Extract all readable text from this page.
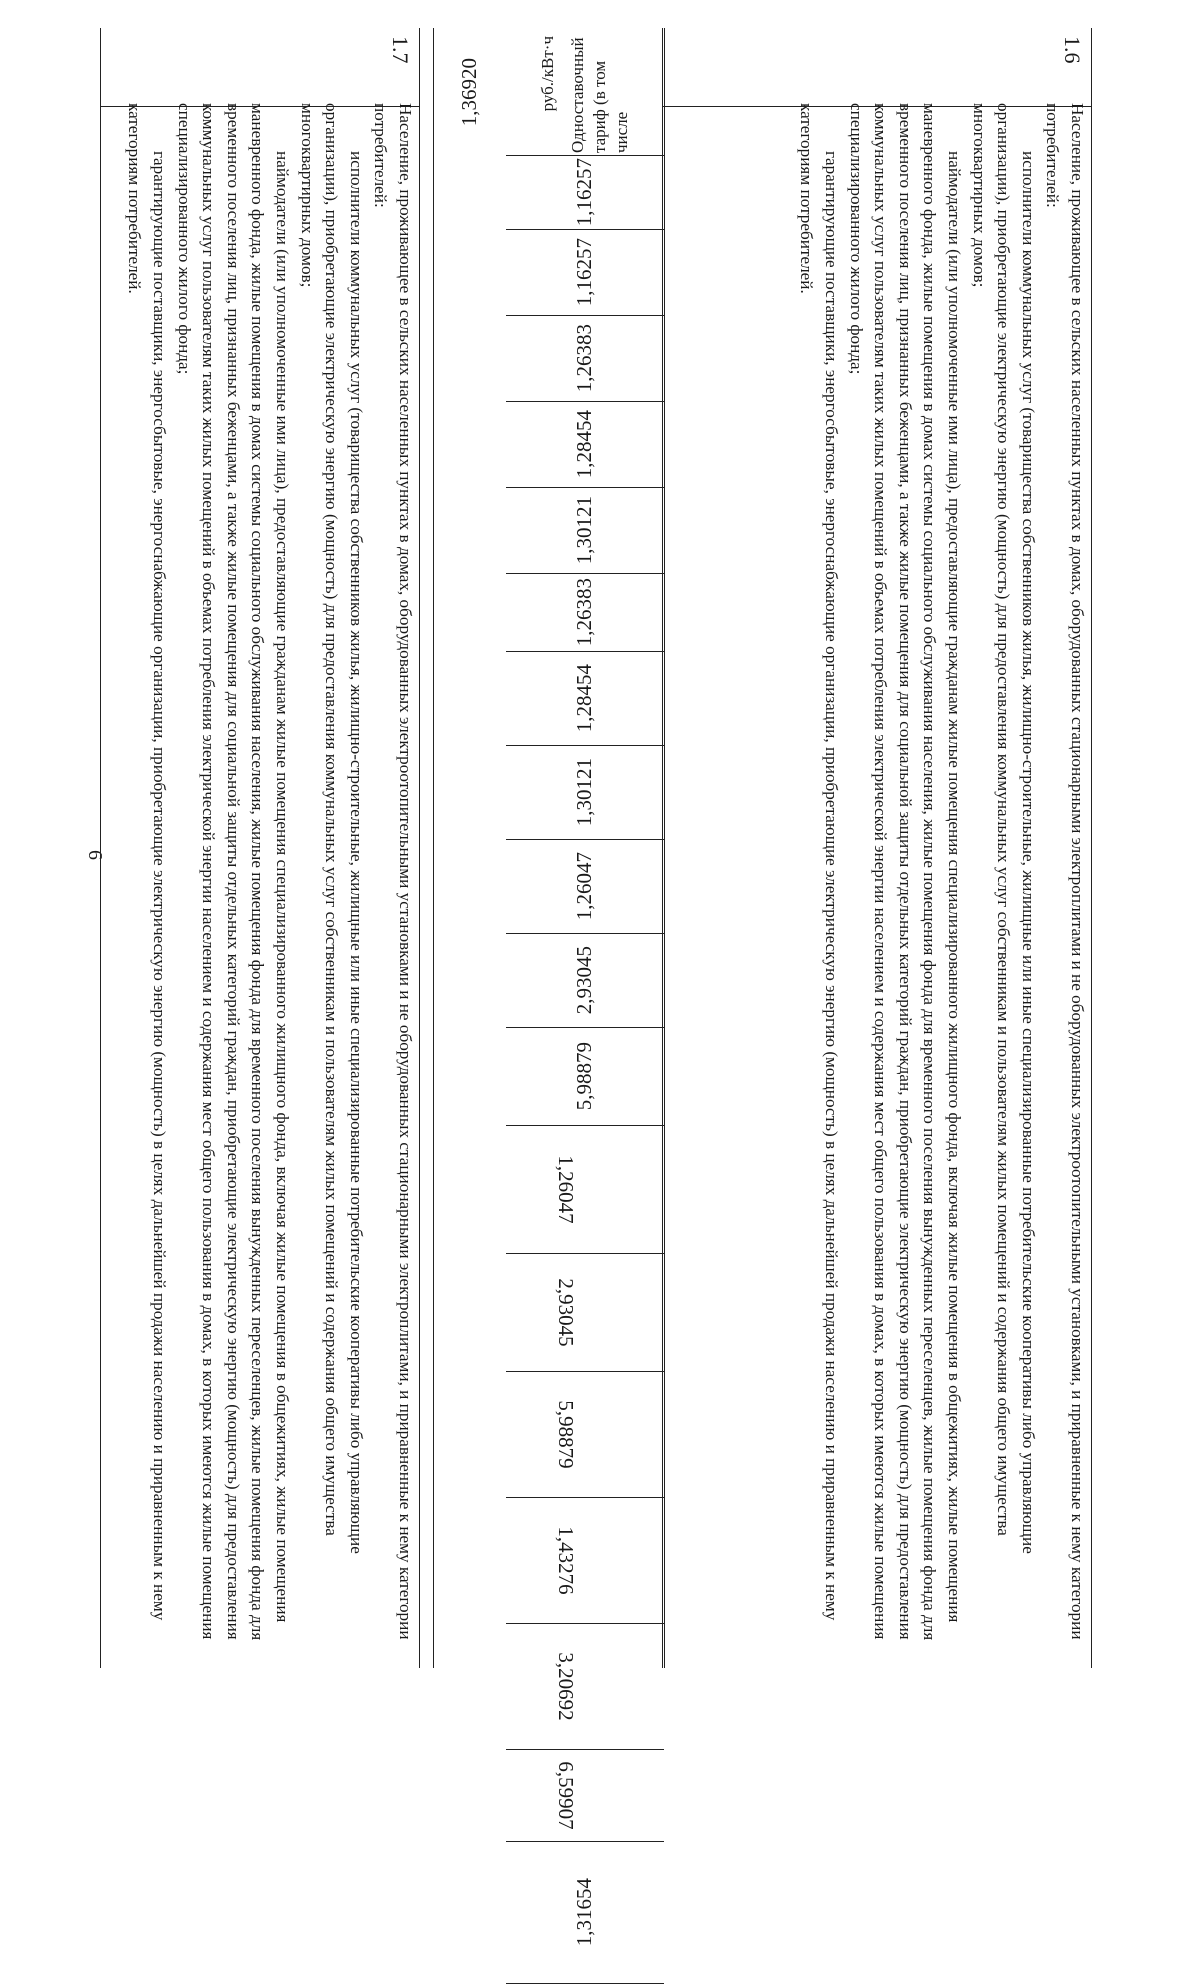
6
1.6

Население, проживающее в сельских населенных пунктах в домах, оборудованных стационарными электроплитами и не оборудованных электроотопительными установками, и приравненные к нему категории потребителей:

исполнители коммунальных услуг (товарищества собственников жилья, жилищно-строительные, жилищные или иные специализированные потребительские кооперативы либо управляющие организации), приобретающие электрическую энергию (мощность) для предоставления коммунальных услуг собственникам и пользователям жилых помещений и содержания общего имущества многоквартирных домов;

наймодатели (или уполномоченные ими лица), предоставляющие гражданам жилые помещения специализированного жилищного фонда, включая жилые помещения в общежитиях, жилые помещения маневренного фонда, жилые помещения в домах системы социального обслуживания населения, жилые помещения фонда для временного поселения вынужденных переселенцев, жилые помещения фонда для временного поселения лиц, признанных беженцами, а также жилые помещения для социальной защиты отдельных категорий граждан, приобретающие электрическую энергию (мощность) для предоставления коммунальных услуг пользователям таких жилых помещений в объемах потребления электрической энергии населением и содержания мест общего пользования в домах, в которых имеются жилые помещения специализированного жилого фонда;

гарантирующие поставщики, энергосбытовые, энергоснабжающие организации, приобретающие электрическую энергию (мощность) в целях дальнейшей продажи населению и приравненным к нему категориям потребителей.

Одноставочный тариф (в том числе
руб./кВт·ч
1,16257
1,16257
1,26383
1,28454
1,30121
1,26383
1,28454
1,30121
1,26047
2,93045
5,98879
1,26047
2,93045
5,98879
1,43276
3,20692
6,59907
1,31654
1,36920
1.7

Население, проживающее в сельских населенных пунктах в домах, оборудованных электроотопительными установками и не оборудованных стационарными электроплитами, и приравненные к нему категории потребителей:

исполнители коммунальных услуг (товарищества собственников жилья, жилищно-строительные, жилищные или иные специализированные потребительские кооперативы либо управляющие организации), приобретающие электрическую энергию (мощность) для предоставления коммунальных услуг собственникам и пользователям жилых помещений и содержания общего имущества многоквартирных домов;

наймодатели (или уполномоченные ими лица), предоставляющие гражданам жилые помещения специализированного жилищного фонда, включая жилые помещения в общежитиях, жилые помещения маневренного фонда, жилые помещения в домах системы социального обслуживания населения, жилые помещения фонда для временного поселения вынужденных переселенцев, жилые помещения фонда для временного поселения лиц, признанных беженцами, а также жилые помещения для социальной защиты отдельных категорий граждан, приобретающие электрическую энергию (мощность) для предоставления коммунальных услуг пользователям таких жилых помещений в объемах потребления электрической энергии населением и содержания мест общего пользования в домах, в которых имеются жилые помещения специализированного жилого фонда;

гарантирующие поставщики, энергосбытовые, энергоснабжающие организации, приобретающие электрическую энергию (мощность) в целях дальнейшей продажи населению и приравненным к нему категориям потребителей.
